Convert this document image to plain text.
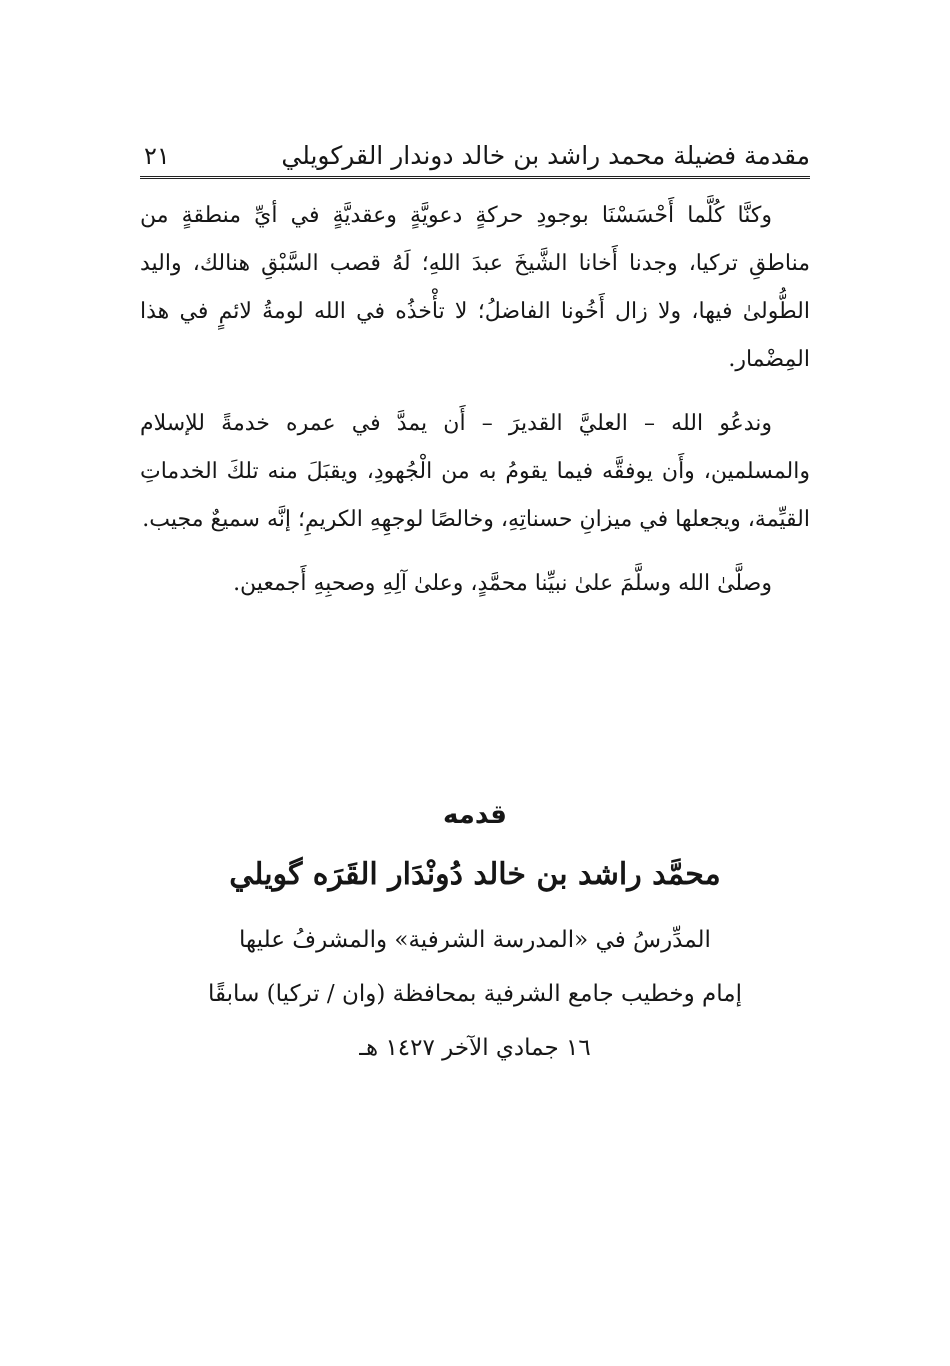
مقدمة فضيلة محمد راشد بن خالد دوندار القركويلي
٢١

وكنَّا كُلَّما أَحْسَسْنَا بوجودِ حركةٍ دعويَّةٍ وعقديَّةٍ في أيِّ منطقةٍ من مناطقِ تركيا، وجدنا أَخانا الشَّيخَ عبدَ اللهِ؛ لَهُ قصب السَّبْقِ هنالك، واليد الطُّولىٰ فيها، ولا زال أَخُونا الفاضلُ؛ لا تأْخذُه في الله لومةُ لائمٍ في هذا المِضْمار.

وندعُو الله – العليَّ القديرَ – أَن يمدَّ في عمره خدمةً للإسلام والمسلمين، وأَن يوفقَّه فيما يقومُ به من الْجُهودِ، ويقبَلَ منه تلكَ الخدماتِ القيِّمة، ويجعلها في ميزانِ حسناتِهِ، وخالصًا لوجهِهِ الكريمِ؛ إنَّه سميعٌ مجيب.

وصلَّىٰ الله وسلَّمَ علىٰ نبيِّنا محمَّدٍ، وعلىٰ آلِهِ وصحبِهِ أَجمعين.

قدمه

محمَّد راشد بن خالد دُونْدَار القَرَه گويلي

المدِّرسُ في «المدرسة الشرفية» والمشرفُ عليها

إمام وخطيب جامع الشرفية بمحافظة (وان / تركيا) سابقًا

١٦ جمادي الآخر ١٤٢٧ هـ
